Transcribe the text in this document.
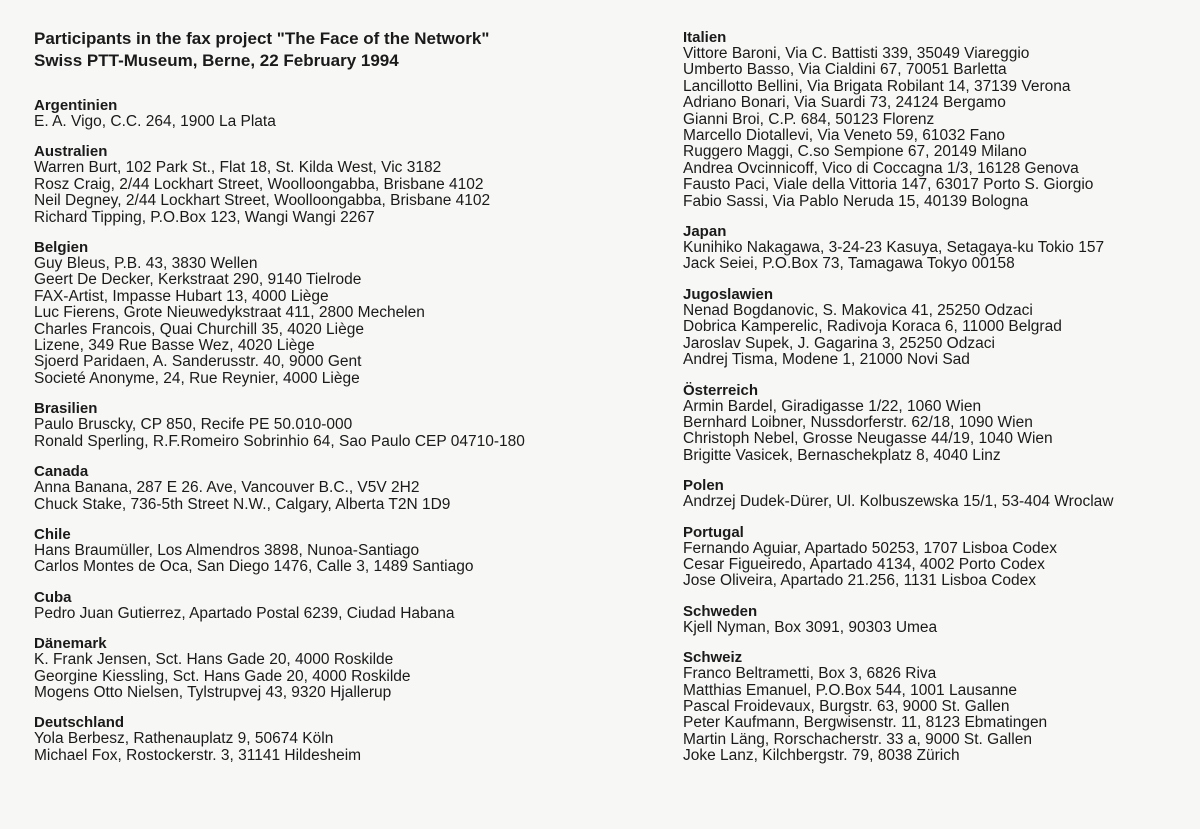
Participants in the fax project "The Face of the Network"

Swiss PTT-Museum, Berne, 22 February 1994

Argentinien

E. A. Vigo, C.C. 264, 1900 La Plata

Australien

Warren Burt, 102 Park St., Flat 18, St. Kilda West, Vic 3182

Rosz Craig, 2/44 Lockhart Street, Woolloongabba, Brisbane 4102

Neil Degney, 2/44 Lockhart Street, Woolloongabba, Brisbane 4102

Richard Tipping, P.O.Box 123, Wangi Wangi 2267

Belgien

Guy Bleus, P.B. 43, 3830 Wellen

Geert De Decker, Kerkstraat 290, 9140 Tielrode

FAX-Artist, Impasse Hubart 13, 4000 Liège

Luc Fierens, Grote Nieuwedykstraat 411, 2800 Mechelen

Charles Francois, Quai Churchill 35, 4020 Liège

Lizene, 349 Rue Basse Wez, 4020 Liège

Sjoerd Paridaen, A. Sanderusstr. 40, 9000 Gent

Societé Anonyme, 24, Rue Reynier, 4000 Liège

Brasilien

Paulo Bruscky, CP 850, Recife PE 50.010-000

Ronald Sperling, R.F.Romeiro Sobrinhio 64, Sao Paulo CEP 04710-180

Canada

Anna Banana, 287 E 26. Ave, Vancouver B.C., V5V 2H2

Chuck Stake, 736-5th Street N.W., Calgary, Alberta T2N 1D9

Chile

Hans Braumüller, Los Almendros 3898, Nunoa-Santiago

Carlos Montes de Oca, San Diego 1476, Calle 3, 1489 Santiago

Cuba

Pedro Juan Gutierrez, Apartado Postal 6239, Ciudad Habana

Dänemark

K. Frank Jensen, Sct. Hans Gade 20, 4000 Roskilde

Georgine Kiessling, Sct. Hans Gade 20, 4000 Roskilde

Mogens Otto Nielsen, Tylstrupvej 43, 9320 Hjallerup

Deutschland

Yola Berbesz, Rathenauplatz 9, 50674 Köln

Michael Fox, Rostockerstr. 3, 31141 Hildesheim

Italien

Vittore Baroni, Via C. Battisti 339, 35049 Viareggio

Umberto Basso, Via Cialdini 67, 70051 Barletta

Lancillotto Bellini, Via Brigata Robilant 14, 37139 Verona

Adriano Bonari, Via Suardi 73, 24124 Bergamo

Gianni Broi, C.P. 684, 50123 Florenz

Marcello Diotallevi, Via Veneto 59, 61032 Fano

Ruggero Maggi, C.so Sempione 67, 20149 Milano

Andrea Ovcinnicoff, Vico di Coccagna 1/3, 16128 Genova

Fausto Paci, Viale della Vittoria 147, 63017 Porto S. Giorgio

Fabio Sassi, Via Pablo Neruda 15, 40139 Bologna

Japan

Kunihiko Nakagawa, 3-24-23 Kasuya, Setagaya-ku Tokio 157

Jack Seiei, P.O.Box 73, Tamagawa Tokyo 00158

Jugoslawien

Nenad Bogdanovic, S. Makovica 41, 25250 Odzaci

Dobrica Kamperelic, Radivoja Koraca 6, 11000 Belgrad

Jaroslav Supek, J. Gagarina 3, 25250 Odzaci

Andrej Tisma, Modene 1, 21000 Novi Sad

Österreich

Armin Bardel, Giradigasse 1/22, 1060 Wien

Bernhard Loibner, Nussdorferstr. 62/18, 1090 Wien

Christoph Nebel, Grosse Neugasse 44/19, 1040 Wien

Brigitte Vasicek, Bernaschekplatz 8, 4040 Linz

Polen

Andrzej Dudek-Dürer, Ul. Kolbuszewska 15/1, 53-404 Wroclaw

Portugal

Fernando Aguiar, Apartado 50253, 1707 Lisboa Codex

Cesar Figueiredo, Apartado 4134, 4002 Porto Codex

Jose Oliveira, Apartado 21.256, 1131 Lisboa Codex

Schweden

Kjell Nyman, Box 3091, 90303 Umea

Schweiz

Franco Beltrametti, Box 3, 6826 Riva

Matthias Emanuel, P.O.Box 544, 1001 Lausanne

Pascal Froidevaux, Burgstr. 63, 9000 St. Gallen

Peter Kaufmann, Bergwisenstr. 11, 8123 Ebmatingen

Martin Läng, Rorschacherstr. 33 a, 9000 St. Gallen

Joke Lanz, Kilchbergstr. 79, 8038 Zürich
